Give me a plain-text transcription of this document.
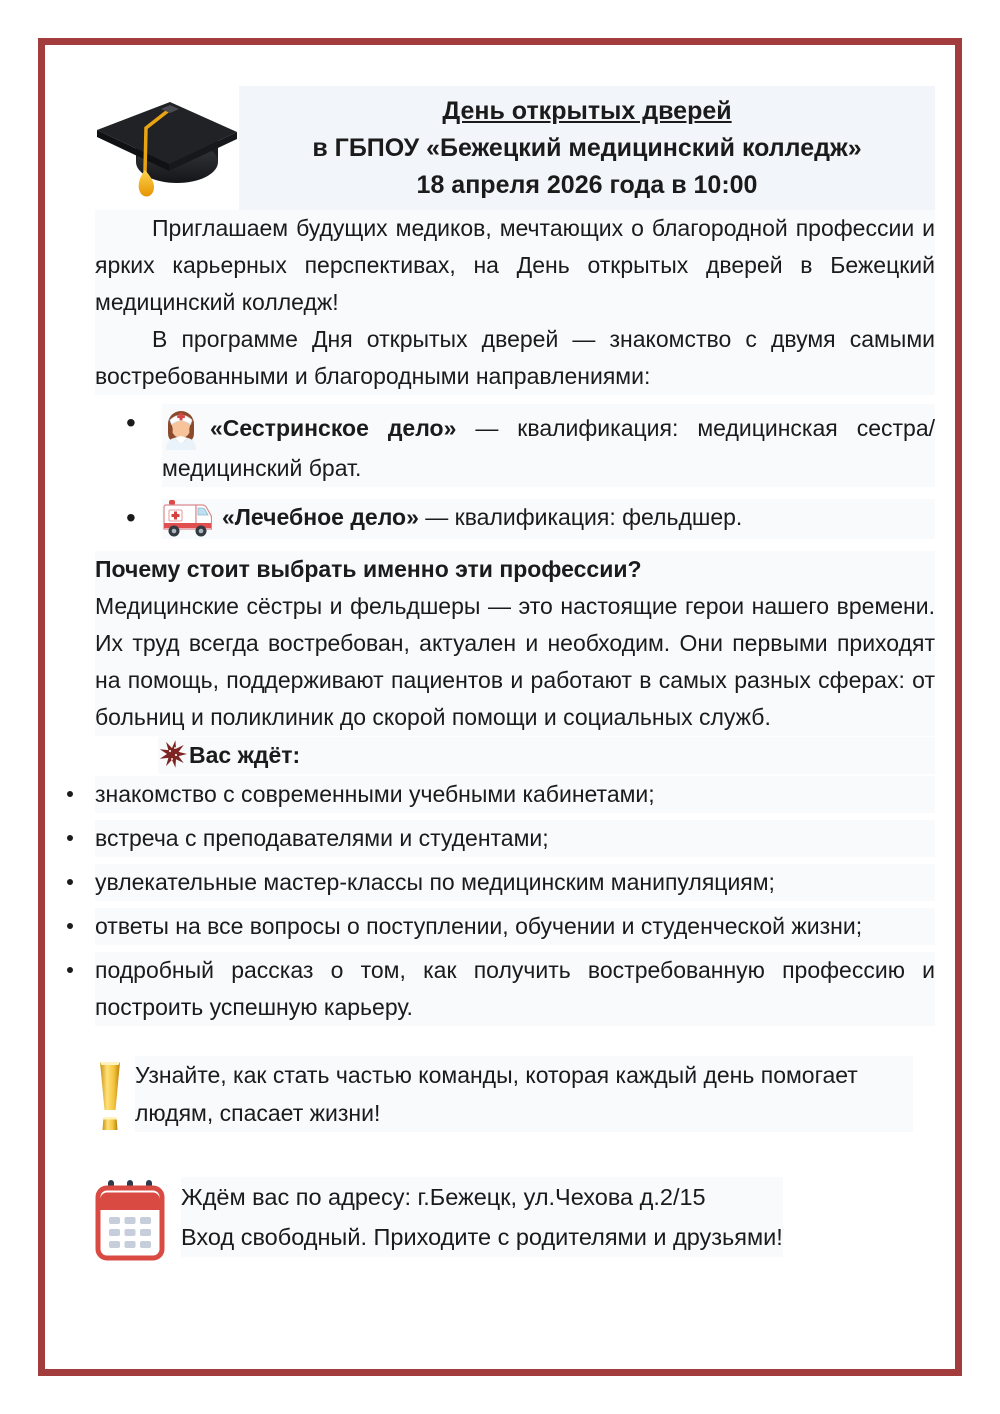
День открытых дверей
в ГБПОУ «Бежецкий медицинский колледж»
18 апреля 2026 года в 10:00

Приглашаем будущих медиков, мечтающих о благородной профессии и ярких карьерных перспективах, на День открытых дверей в Бежецкий медицинский колледж!

В программе Дня открытых дверей — знакомство с двумя самыми востребованными и благородными направлениями:

• «Сестринское дело» — квалификация: медицинская сестра/медицинский брат.
• «Лечебное дело» — квалификация: фельдшер.

Почему стоит выбрать именно эти профессии?

Медицинские сёстры и фельдшеры — это настоящие герои нашего времени. Их труд всегда востребован, актуален и необходим. Они первыми приходят на помощь, поддерживают пациентов и работают в самых разных сферах: от больниц и поликлиник до скорой помощи и социальных служб.

Вас ждёт:

знакомство с современными учебными кабинетами;
встреча с преподавателями и студентами;
увлекательные мастер-классы по медицинским манипуляциям;
ответы на все вопросы о поступлении, обучении и студенческой жизни;
подробный рассказ о том, как получить востребованную профессию и построить успешную карьеру.

Узнайте, как стать частью команды, которая каждый день помогает людям, спасает жизни!

Ждём вас по адресу: г.Бежецк, ул.Чехова д.2/15

Вход свободный. Приходите с родителями и друзьями!
